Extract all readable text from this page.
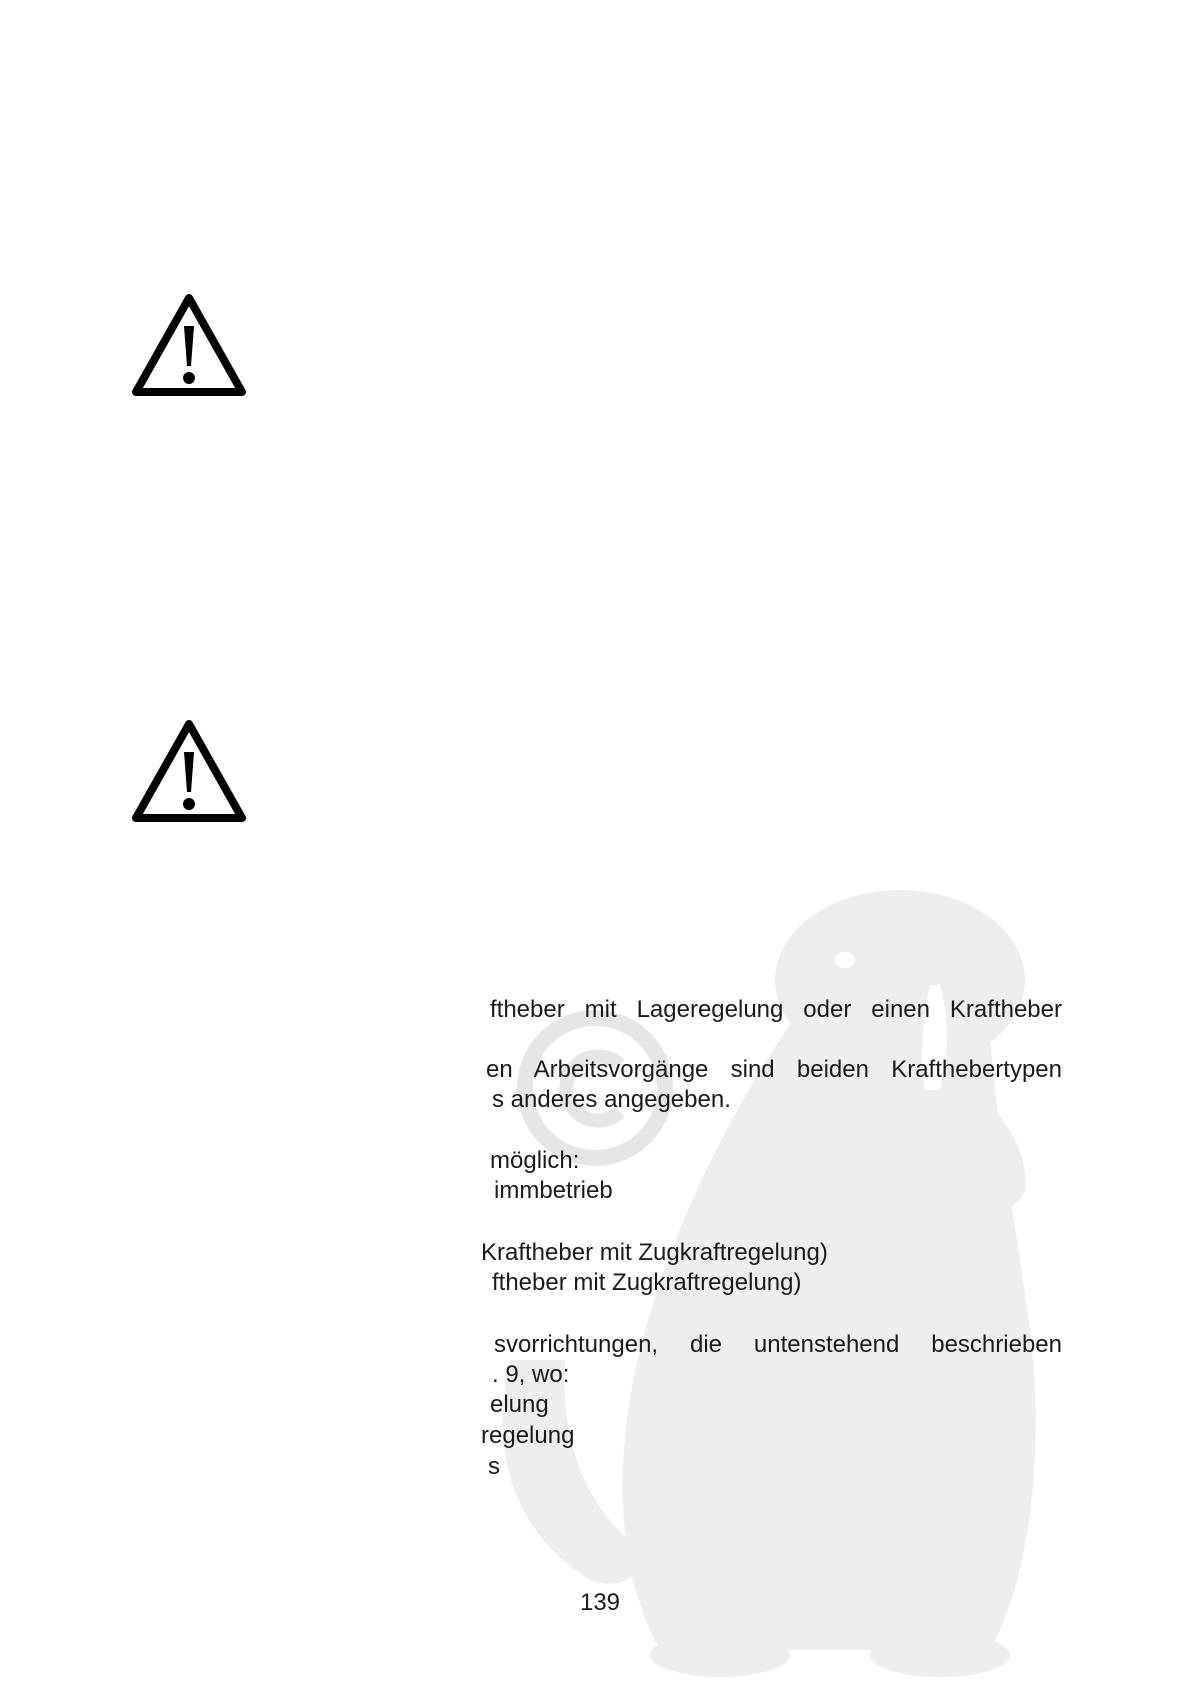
ftheber mit Lageregelung oder einen Kraftheber
en Arbeitsvorgänge sind beiden Krafthebertypen
s anderes angegeben.
möglich:
immbetrieb
Kraftheber mit Zugkraftregelung)
ftheber mit Zugkraftregelung)
svorrichtungen, die untenstehend beschrieben
. 9, wo:
elung
regelung
s
139
